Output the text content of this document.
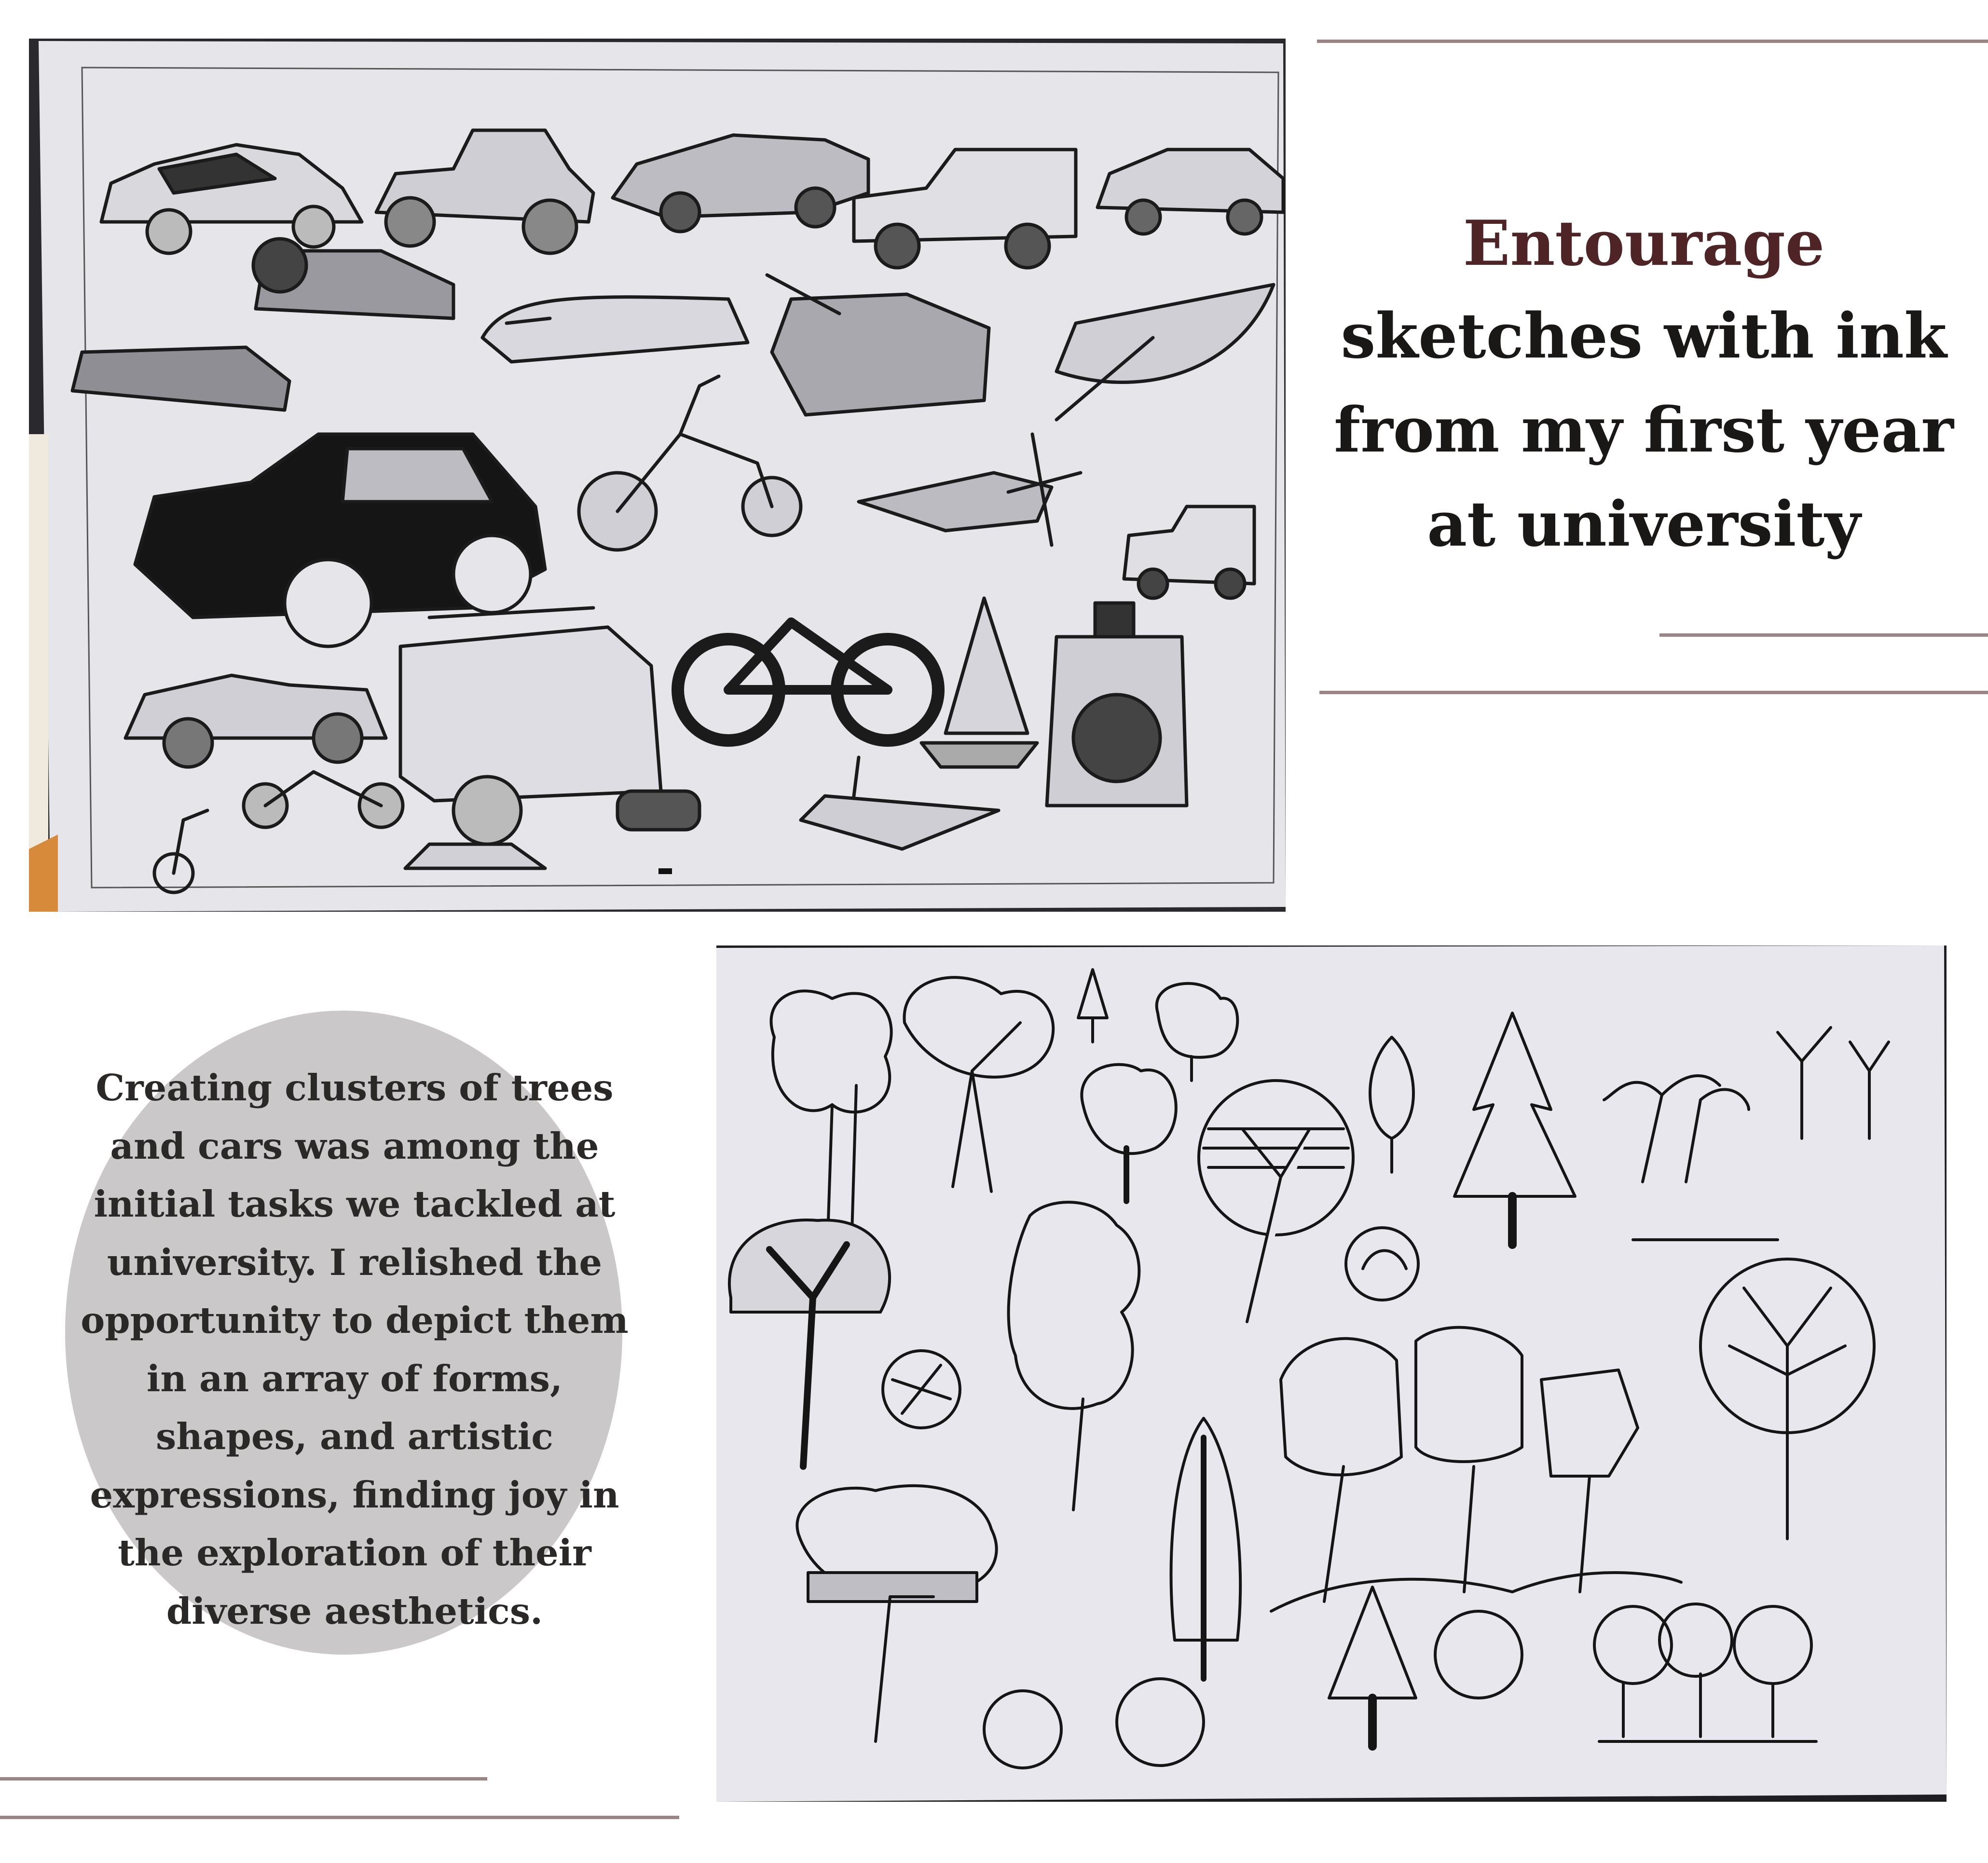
Entourage
sketches with ink
from my first year
at university
Creating clusters of trees
and cars was among the
initial tasks we tackled at
university. I relished the
opportunity to depict them
in an array of forms,
shapes, and artistic
expressions, finding joy in
the exploration of their
diverse aesthetics.
